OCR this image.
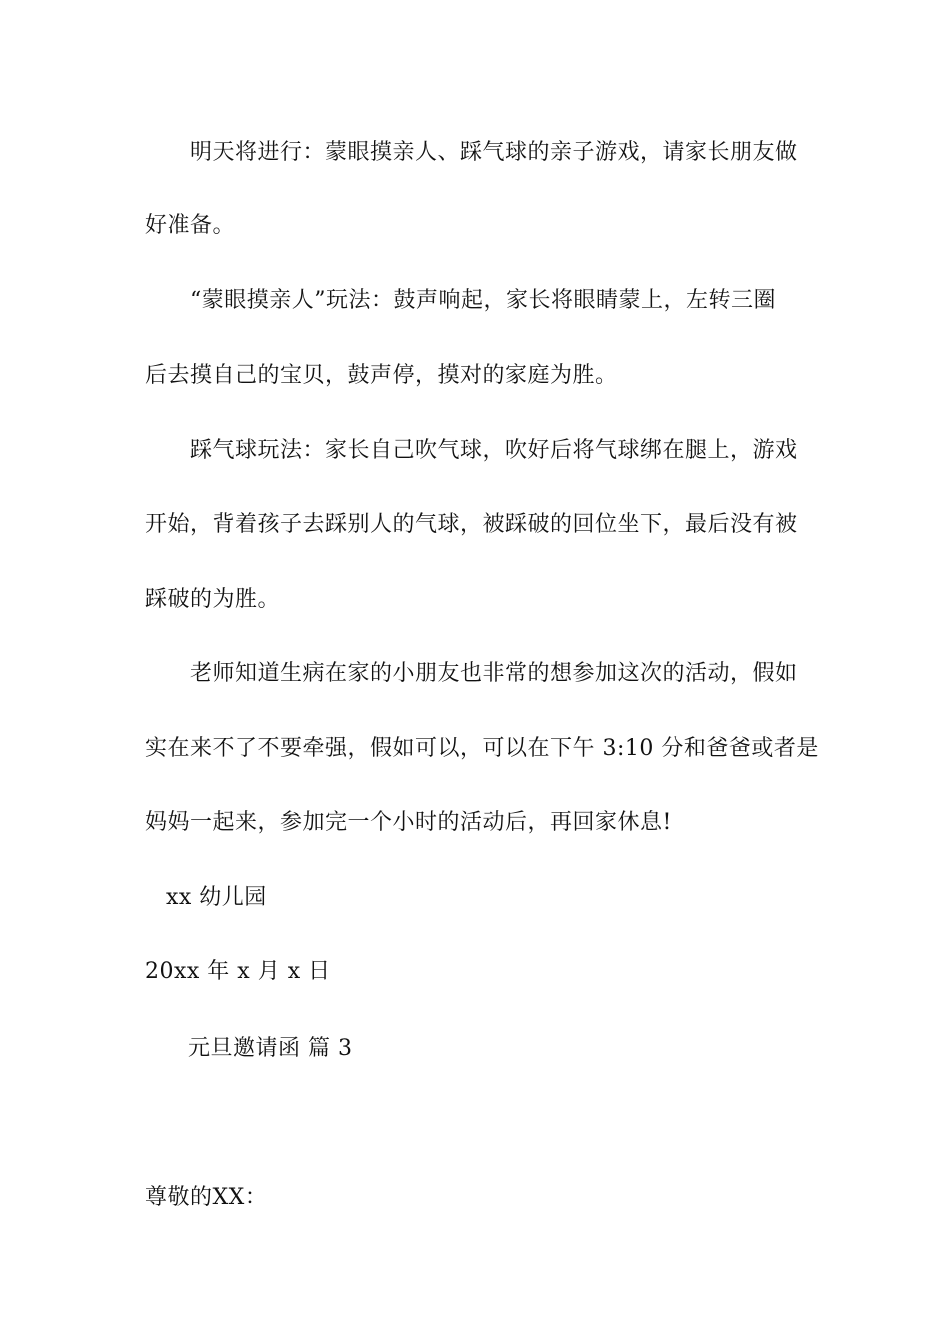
明天将进行：蒙眼摸亲人、踩气球的亲子游戏，请家长朋友做
好准备。
“蒙眼摸亲人”玩法：鼓声响起，家长将眼睛蒙上，左转三圈
后去摸自己的宝贝，鼓声停，摸对的家庭为胜。
踩气球玩法：家长自己吹气球，吹好后将气球绑在腿上，游戏
开始，背着孩子去踩别人的气球，被踩破的回位坐下，最后没有被
踩破的为胜。
老师知道生病在家的小朋友也非常的想参加这次的活动，假如
实在来不了不要牵强，假如可以，可以在下午 3:10 分和爸爸或者是
妈妈一起来，参加完一个小时的活动后，再回家休息!
xx 幼儿园
20xx 年 x 月 x 日
元旦邀请函 篇 3
尊敬的XX：
